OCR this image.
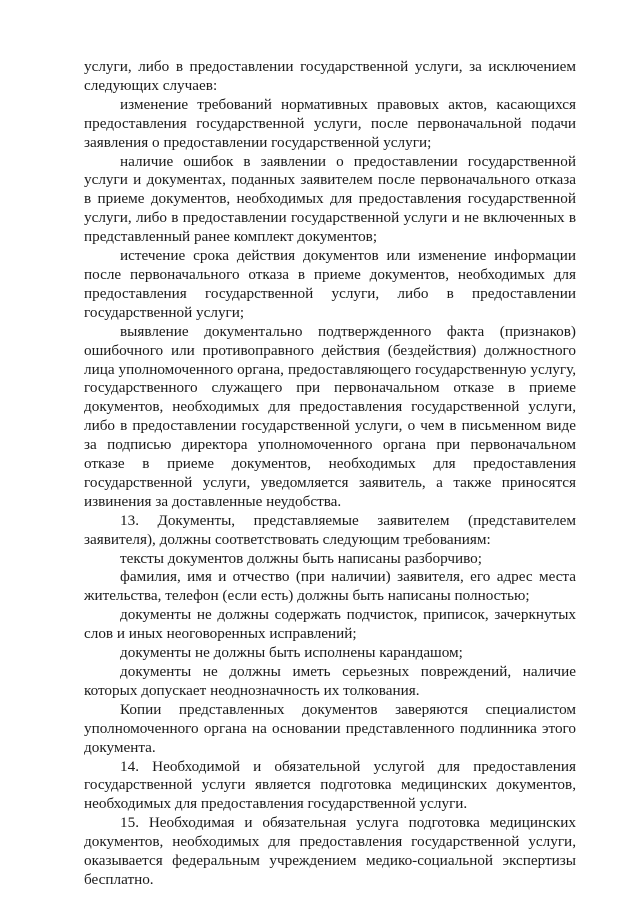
услуги, либо в предоставлении государственной услуги, за исключением следующих случаев:

изменение требований нормативных правовых актов, касающихся предоставления государственной услуги, после первоначальной подачи заявления о предоставлении государственной услуги;

наличие ошибок в заявлении о предоставлении государственной услуги и документах, поданных заявителем после первоначального отказа в приеме документов, необходимых для предоставления государственной услуги, либо в предоставлении государственной услуги и не включенных в представленный ранее комплект документов;

истечение срока действия документов или изменение информации после первоначального отказа в приеме документов, необходимых для предоставления государственной услуги, либо в предоставлении государственной услуги;

выявление документально подтвержденного факта (признаков) ошибочного или противоправного действия (бездействия) должностного лица уполномоченного органа, предоставляющего государственную услугу, государственного служащего при первоначальном отказе в приеме документов, необходимых для предоставления государственной услуги, либо в предоставлении государственной услуги, о чем в письменном виде за подписью директора уполномоченного органа при первоначальном отказе в приеме документов, необходимых для предоставления государственной услуги, уведомляется заявитель, а также приносятся извинения за доставленные неудобства.

13. Документы, представляемые заявителем (представителем заявителя), должны соответствовать следующим требованиям:

тексты документов должны быть написаны разборчиво;

фамилия, имя и отчество (при наличии) заявителя, его адрес места жительства, телефон (если есть) должны быть написаны полностью;

документы не должны содержать подчисток, приписок, зачеркнутых слов и иных неоговоренных исправлений;

документы не должны быть исполнены карандашом;

документы не должны иметь серьезных повреждений, наличие которых допускает неоднозначность их толкования.

Копии представленных документов заверяются специалистом уполномоченного органа на основании представленного подлинника этого документа.

14. Необходимой и обязательной услугой для предоставления государственной услуги является подготовка медицинских документов, необходимых для предоставления государственной услуги.

15. Необходимая и обязательная услуга подготовка медицинских документов, необходимых для предоставления государственной услуги, оказывается федеральным учреждением медико-социальной экспертизы бесплатно.
